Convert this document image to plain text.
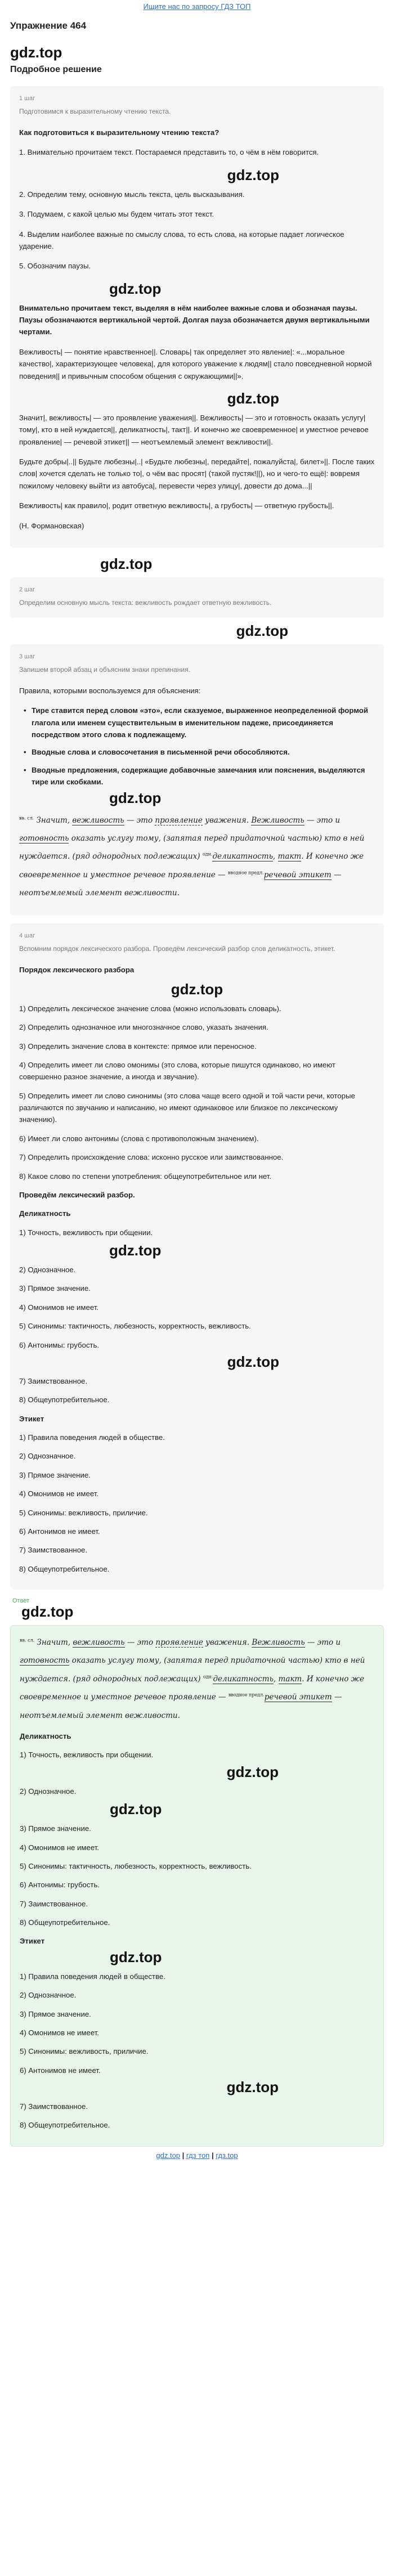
Ищите нас по запросу ГДЗ ТОП
Упражнение 464
gdz.top
Подробное решение
1 шаг
Подготовимся к выразительному чтению текста.

Как подготовиться к выразительному чтению текста?

1. Внимательно прочитаем текст. Постараемся представить то, о чём в нём говорится.

gdz.top

2. Определим тему, основную мысль текста, цель высказывания.

3. Подумаем, с какой целью мы будем читать этот текст.

4. Выделим наиболее важные по смыслу слова, то есть слова, на которые падает логическое ударение.

5. Обозначим паузы.

gdz.top

Внимательно прочитаем текст, выделяя в нём наиболее важные слова и обозначая паузы. Паузы обозначаются вертикальной чертой. Долгая пауза обозначается двумя вертикальными чертами.

Вежливость| — понятие нравственное||. Словарь| так определяет это явление|: «...моральное качество|, характеризующее человека|, для которого уважение к людям|| стало повседневной нормой поведения|| и привычным способом общения с окружающими||».

gdz.top

Значит|, вежливость| — это проявление уважения||. Вежливость| — это и готовность оказать услугу| тому|, кто в ней нуждается||, деликатность|, такт||. И конечно же своевременное| и уместное речевое проявление| — речевой этикет|| — неотъемлемый элемент вежливости||.

Будьте добры|..|| Будьте любезны|..| «Будьте любезны|, передайте|, пожалуйста|, билет»||. После таких слов| хочется сделать не только то|, о чём вас просят| (такой пустяк!||), но и чего-то ещё|: вовремя пожилому человеку выйти из автобуса|, перевести через улицу|, довести до дома...||

Вежливость| как правило|, родит ответную вежливость|, а грубость| — ответную грубость||.

(Н. Формановская)

gdz.top
2 шаг
Определим основную мысль текста: вежливость рождает ответную вежливость.
gdz.top
3 шаг
Запишем второй абзац и объясним знаки препинания.

Правила, которыми воспользуемся для объяснения:

• Тире ставится перед словом «это», если сказуемое, выраженное неопределенной формой глагола или именем существительным в именительном падеже, присоединяется посредством этого слова к подлежащему.
• Вводные слова и словосочетания в письменной речи обособляются.
• Вводные предложения, содержащие добавочные замечания или пояснения, выделяются тире или скобками.
gdz.top
$^{вв. сл.}$ Значит, вежливость — это проявление уважения. Вежливость — это и готовность оказать услугу тому, (запятая перед придаточной частью) кто в ней нуждается. (ряд однородных подлежащих) $^{одн.}$деликатность, такт. И конечно же своевременное и уместное речевое проявление — $^{вводное предл.}$речевой этикет — неотъемлемый элемент вежливости.
4 шаг
Вспомним порядок лексического разбора. Проведём лексический разбор слов деликатность, этикет.

Порядок лексического разбора

gdz.top

1) Определить лексическое значение слова (можно использовать словарь).

2) Определить однозначное или многозначное слово, указать значения.

3) Определить значение слова в контексте: прямое или переносное.

4) Определить имеет ли слово омонимы (это слова, которые пишутся одинаково, но имеют совершенно разное значение, а иногда и звучание).

5) Определить имеет ли слово синонимы (это слова чаще всего одной и той части речи, которые различаются по звучанию и написанию, но имеют одинаковое или близкое по лексическому значению).

6) Имеет ли слово антонимы (слова с противоположным значением).

7) Определить происхождение слова: исконно русское или заимствованное.

8) Какое слово по степени употребления: общеупотребительное или нет.

Проведём лексический разбор.

Деликатность

1) Точность, вежливость при общении.

gdz.top

2) Однозначное.

3) Прямое значение.

4) Омонимов не имеет.

5) Синонимы: тактичность, любезность, корректность, вежливость.

6) Антонимы: грубость.

gdz.top

7) Заимствованное.

8) Общеупотребительное.

Этикет

1) Правила поведения людей в обществе.

2) Однозначное.

3) Прямое значение.

4) Омонимов не имеет.

5) Синонимы: вежливость, приличие.

6) Антонимов не имеет.

7) Заимствованное.

8) Общеупотребительное.

Ответ
gdz.top
$^{вв. сл.}$ Значит, вежливость — это проявление уважения. Вежливость — это и готовность оказать услугу тому, (запятая перед придаточной частью) кто в ней нуждается. (ряд однородных подлежащих) $^{одн.}$деликатность, такт. И конечно же своевременное и уместное речевое проявление — $^{вводное предл.}$речевой этикет — неотъемлемый элемент вежливости.

Деликатность

1) Точность, вежливость при общении.

gdz.top

2) Однозначное.

gdz.top

3) Прямое значение.

4) Омонимов не имеет.

5) Синонимы: тактичность, любезность, корректность, вежливость.

6) Антонимы: грубость.

7) Заимствованное.

8) Общеупотребительное.

Этикет

gdz.top

1) Правила поведения людей в обществе.

2) Однозначное.

3) Прямое значение.

4) Омонимов не имеет.

5) Синонимы: вежливость, приличие.

6) Антонимов не имеет.

gdz.top

7) Заимствованное.

8) Общеупотребительное.

gdz.top | гдз топ | гдз.top
